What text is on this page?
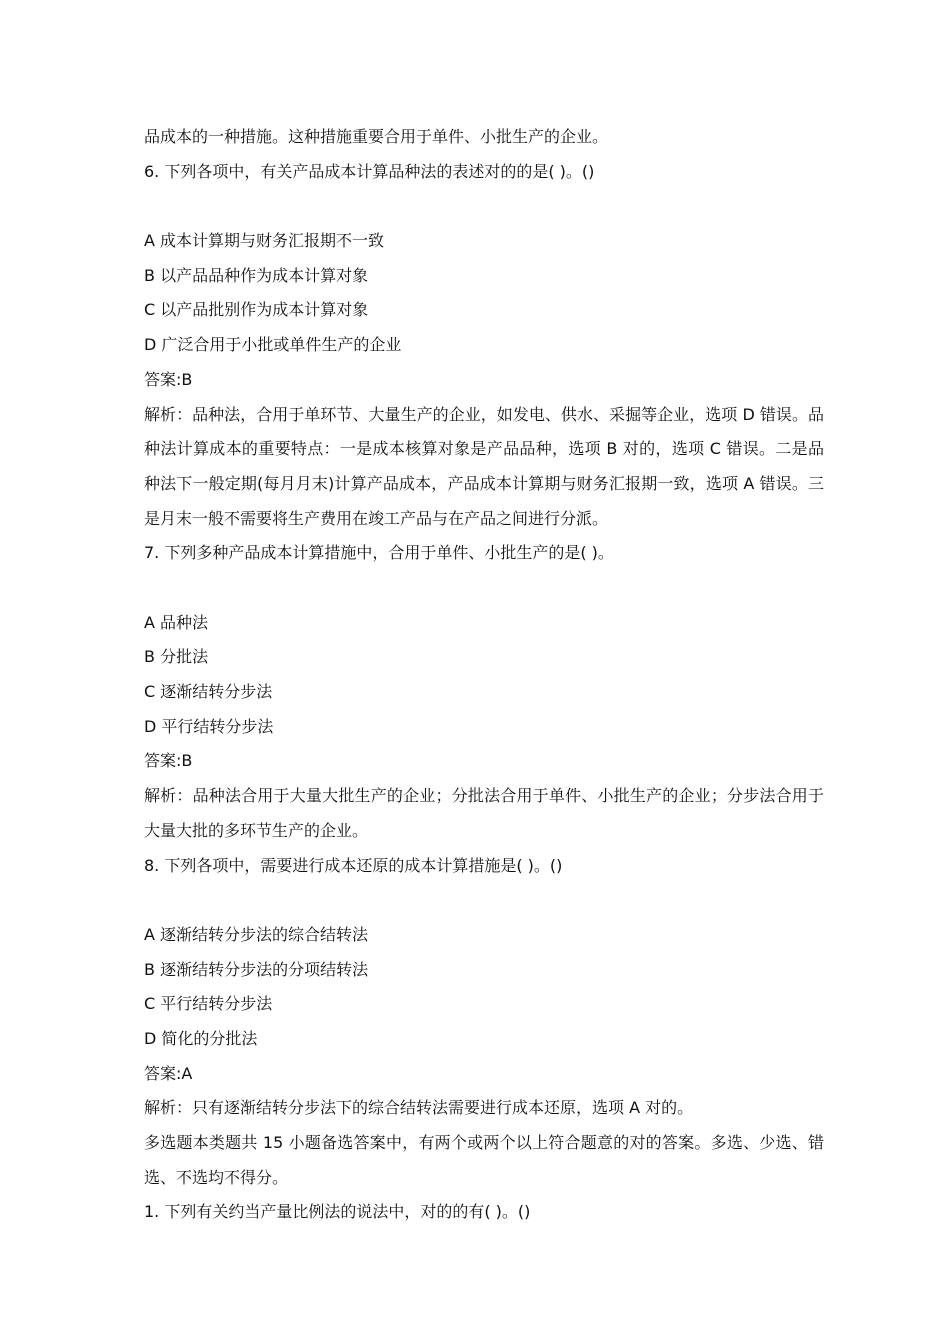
品成本的一种措施。这种措施重要合用于单件、小批生产的企业。
6. 下列各项中，有关产品成本计算品种法的表述对的的是( )。()
A 成本计算期与财务汇报期不一致
B 以产品品种作为成本计算对象
C 以产品批别作为成本计算对象
D 广泛合用于小批或单件生产的企业
答案:B
解析：品种法，合用于单环节、大量生产的企业，如发电、供水、采掘等企业，选项 D 错误。品种法计算成本的重要特点：一是成本核算对象是产品品种，选项 B 对的，选项 C 错误。二是品种法下一般定期(每月月末)计算产品成本，产品成本计算期与财务汇报期一致，选项 A 错误。三是月末一般不需要将生产费用在竣工产品与在产品之间进行分派。
7. 下列多种产品成本计算措施中，合用于单件、小批生产的是( )。
A 品种法
B 分批法
C 逐渐结转分步法
D 平行结转分步法
答案:B
解析：品种法合用于大量大批生产的企业；分批法合用于单件、小批生产的企业；分步法合用于大量大批的多环节生产的企业。
8. 下列各项中，需要进行成本还原的成本计算措施是( )。()
A 逐渐结转分步法的综合结转法
B 逐渐结转分步法的分项结转法
C 平行结转分步法
D 简化的分批法
答案:A
解析：只有逐渐结转分步法下的综合结转法需要进行成本还原，选项 A 对的。
多选题本类题共 15 小题备选答案中，有两个或两个以上符合题意的对的答案。多选、少选、错选、不选均不得分。
1. 下列有关约当产量比例法的说法中，对的的有( )。()
